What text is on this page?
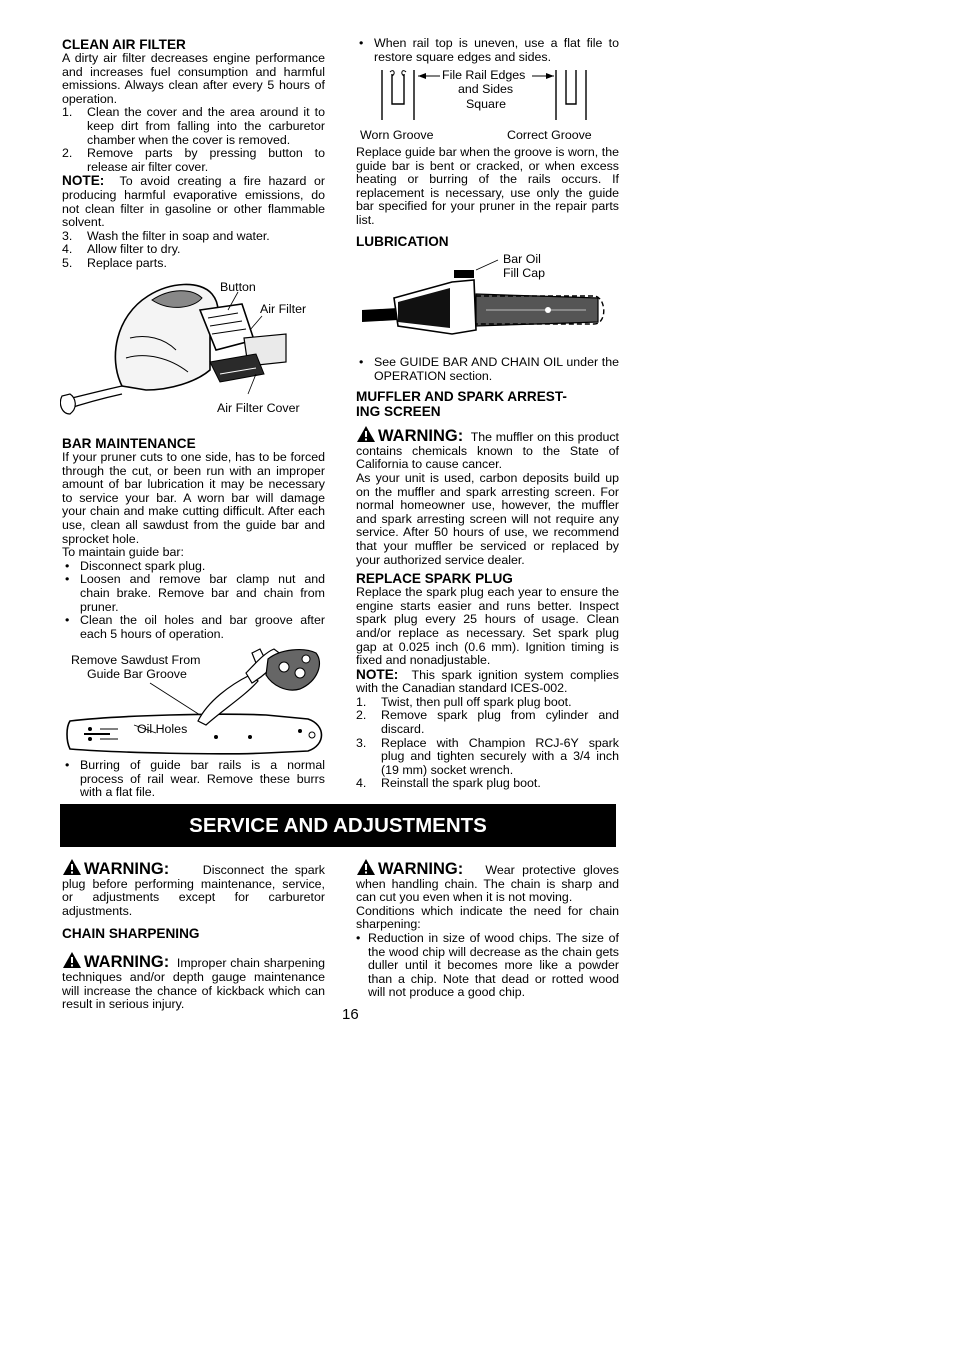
CLEAN AIR FILTER

A dirty air filter decreases engine performance and increases fuel consumption and harmful emissions. Always clean after every 5 hours of operation.

1. Clean the cover and the area around it to keep dirt from falling into the carburetor chamber when the cover is removed.
2. Remove parts by pressing button to release air filter cover.

NOTE: To avoid creating a fire hazard or producing harmful evaporative emissions, do not clean filter in gasoline or other flammable solvent.

3. Wash the filter in soap and water.
4. Allow filter to dry.
5. Replace parts.
Button
Air Filter
Air Filter Cover
BAR MAINTENANCE

If your pruner cuts to one side, has to be forced through the cut, or been run with an improper amount of bar lubrication it may be necessary to service your bar. A worn bar will damage your chain and make cutting difficult. After each use, clean all sawdust from the guide bar and sprocket hole.

To maintain guide bar:

• Disconnect spark plug.
• Loosen and remove bar clamp nut and chain brake. Remove bar and chain from pruner.
• Clean the oil holes and bar groove after each 5 hours of operation.
Remove Sawdust From
Guide Bar Groove
Oil Holes
• Burring of guide bar rails is a normal process of rail wear. Remove these burrs with a flat file.
• When rail top is uneven, use a flat file to restore square edges and sides.
File Rail Edges
and Sides
Square
Worn Groove	Correct Groove

Replace guide bar when the groove is worn, the guide bar is bent or cracked, or when excess heating or burring of the rails occurs. If replacement is necessary, use only the guide bar specified for your pruner in the repair parts list.

LUBRICATION
Bar Oil
Fill Cap
• See GUIDE BAR AND CHAIN OIL under the OPERATION section.
MUFFLER AND SPARK ARREST-
ING SCREEN

WARNING: The muffler on this product contains chemicals known to the State of California to cause cancer.

As your unit is used, carbon deposits build up on the muffler and spark arresting screen. For normal homeowner use, however, the muffler and spark arresting screen will not require any service. After 50 hours of use, we recommend that your muffler be serviced or replaced by your authorized service dealer.

REPLACE SPARK PLUG

Replace the spark plug each year to ensure the engine starts easier and runs better. Inspect spark plug every 25 hours of usage. Clean and/or replace as necessary. Set spark plug gap at 0.025 inch (0.6 mm). Ignition timing is fixed and nonadjustable.

NOTE: This spark ignition system complies with the Canadian standard ICES-002.

1. Twist, then pull off spark plug boot.
2. Remove spark plug from cylinder and discard.
3. Replace with Champion RCJ-6Y spark plug and tighten securely with a 3/4 inch (19 mm) socket wrench.
4. Reinstall the spark plug boot.
SERVICE AND ADJUSTMENTS

WARNING:	Disconnect the spark plug before performing maintenance, service, or adjustments except for carburetor adjustments.

CHAIN SHARPENING

WARNING: Improper chain sharpening techniques and/or depth gauge maintenance will increase the chance of kickback which can result in serious injury.

WARNING: Wear protective gloves when handling chain. The chain is sharp and can cut you even when it is not moving.

Conditions which indicate the need for chain sharpening:

• Reduction in size of wood chips. The size of the wood chip will decrease as the chain gets duller until it becomes more like a powder than a chip. Note that dead or rotted wood will not produce a good chip.
16
